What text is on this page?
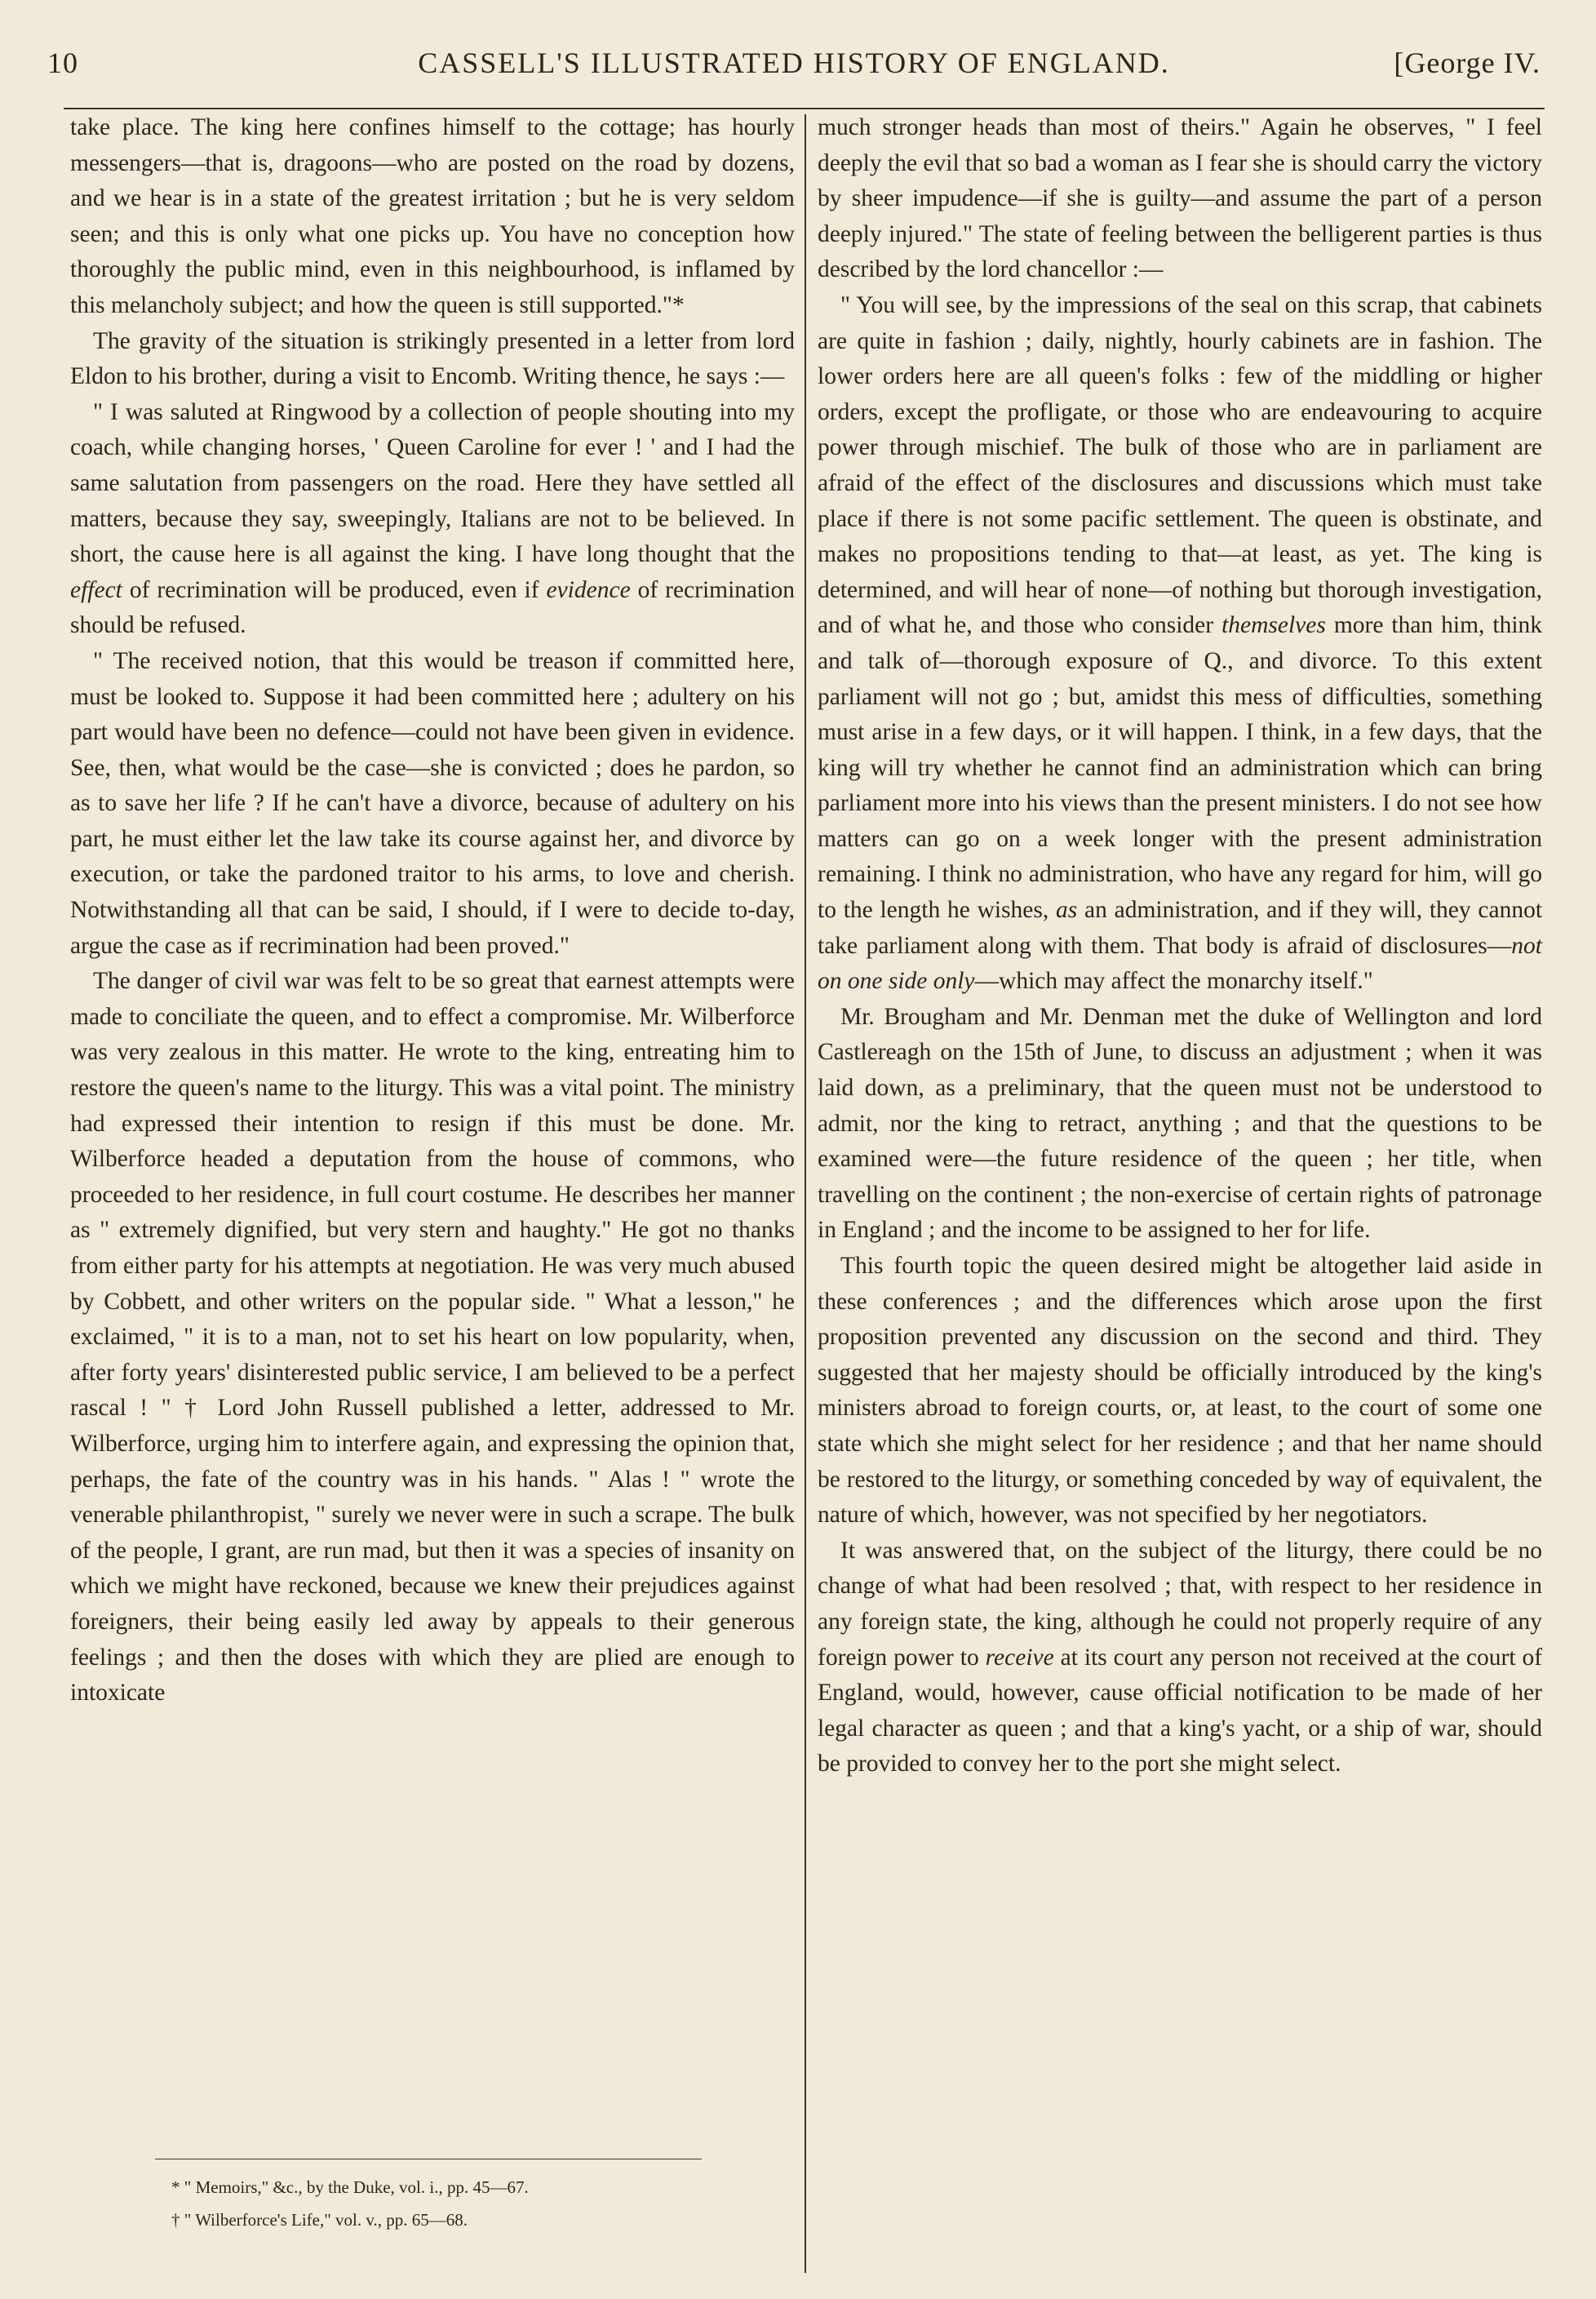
CASSELL'S ILLUSTRATED HISTORY OF ENGLAND.
10	[George IV.

take place. The king here confines himself to the cottage; has hourly messengers—that is, dragoons—who are posted on the road by dozens, and we hear is in a state of the greatest irritation ; but he is very seldom seen; and this is only what one picks up. You have no conception how thoroughly the public mind, even in this neighbourhood, is inflamed by this melancholy subject; and how the queen is still supported."*

The gravity of the situation is strikingly presented in a letter from lord Eldon to his brother, during a visit to Encomb. Writing thence, he says :—

" I was saluted at Ringwood by a collection of people shouting into my coach, while changing horses, ' Queen Caroline for ever ! ' and I had the same salutation from passengers on the road. Here they have settled all matters, because they say, sweepingly, Italians are not to be believed. In short, the cause here is all against the king. I have long thought that the effect of recrimination will be produced, even if evidence of recrimination should be refused.

" The received notion, that this would be treason if committed here, must be looked to. Suppose it had been committed here ; adultery on his part would have been no defence—could not have been given in evidence. See, then, what would be the case—she is convicted ; does he pardon, so as to save her life ? If he can't have a divorce, because of adultery on his part, he must either let the law take its course against her, and divorce by execution, or take the pardoned traitor to his arms, to love and cherish. Notwithstanding all that can be said, I should, if I were to decide to-day, argue the case as if recrimination had been proved."

The danger of civil war was felt to be so great that earnest attempts were made to conciliate the queen, and to effect a compromise. Mr. Wilberforce was very zealous in this matter. He wrote to the king, entreating him to restore the queen's name to the liturgy. This was a vital point. The ministry had expressed their intention to resign if this must be done. Mr. Wilberforce headed a deputation from the house of commons, who proceeded to her residence, in full court costume. He describes her manner as " extremely dignified, but very stern and haughty." He got no thanks from either party for his attempts at negotiation. He was very much abused by Cobbett, and other writers on the popular side. " What a lesson," he exclaimed, " it is to a man, not to set his heart on low popularity, when, after forty years' disinterested public service, I am believed to be a perfect rascal ! " † Lord John Russell published a letter, addressed to Mr. Wilberforce, urging him to interfere again, and expressing the opinion that, perhaps, the fate of the country was in his hands. " Alas ! " wrote the venerable philanthropist, " surely we never were in such a scrape. The bulk of the people, I grant, are run mad, but then it was a species of insanity on which we might have reckoned, because we knew their prejudices against foreigners, their being easily led away by appeals to their generous feelings ; and then the doses with which they are plied are enough to intoxicate

much stronger heads than most of theirs." Again he observes, " I feel deeply the evil that so bad a woman as I fear she is should carry the victory by sheer impudence—if she is guilty—and assume the part of a person deeply injured." The state of feeling between the belligerent parties is thus described by the lord chancellor :—

" You will see, by the impressions of the seal on this scrap, that cabinets are quite in fashion ; daily, nightly, hourly cabinets are in fashion. The lower orders here are all queen's folks : few of the middling or higher orders, except the profligate, or those who are endeavouring to acquire power through mischief. The bulk of those who are in parliament are afraid of the effect of the disclosures and discussions which must take place if there is not some pacific settlement. The queen is obstinate, and makes no propositions tending to that—at least, as yet. The king is determined, and will hear of none—of nothing but thorough investigation, and of what he, and those who consider themselves more than him, think and talk of—thorough exposure of Q., and divorce. To this extent parliament will not go ; but, amidst this mess of difficulties, something must arise in a few days, or it will happen. I think, in a few days, that the king will try whether he cannot find an administration which can bring parliament more into his views than the present ministers. I do not see how matters can go on a week longer with the present administration remaining. I think no administration, who have any regard for him, will go to the length he wishes, as an administration, and if they will, they cannot take parliament along with them. That body is afraid of disclosures—not on one side only—which may affect the monarchy itself."

Mr. Brougham and Mr. Denman met the duke of Wellington and lord Castlereagh on the 15th of June, to discuss an adjustment ; when it was laid down, as a preliminary, that the queen must not be understood to admit, nor the king to retract, anything ; and that the questions to be examined were—the future residence of the queen ; her title, when travelling on the continent ; the non-exercise of certain rights of patronage in England ; and the income to be assigned to her for life.

This fourth topic the queen desired might be altogether laid aside in these conferences ; and the differences which arose upon the first proposition prevented any discussion on the second and third. They suggested that her majesty should be officially introduced by the king's ministers abroad to foreign courts, or, at least, to the court of some one state which she might select for her residence ; and that her name should be restored to the liturgy, or something conceded by way of equivalent, the nature of which, however, was not specified by her negotiators.

It was answered that, on the subject of the liturgy, there could be no change of what had been resolved ; that, with respect to her residence in any foreign state, the king, although he could not properly require of any foreign power to receive at its court any person not received at the court of England, would, however, cause official notification to be made of her legal character as queen ; and that a king's yacht, or a ship of war, should be provided to convey her to the port she might select.

* " Memoirs," &c., by the Duke, vol. i., pp. 45—67.
† " Wilberforce's Life," vol. v., pp. 65—68.
